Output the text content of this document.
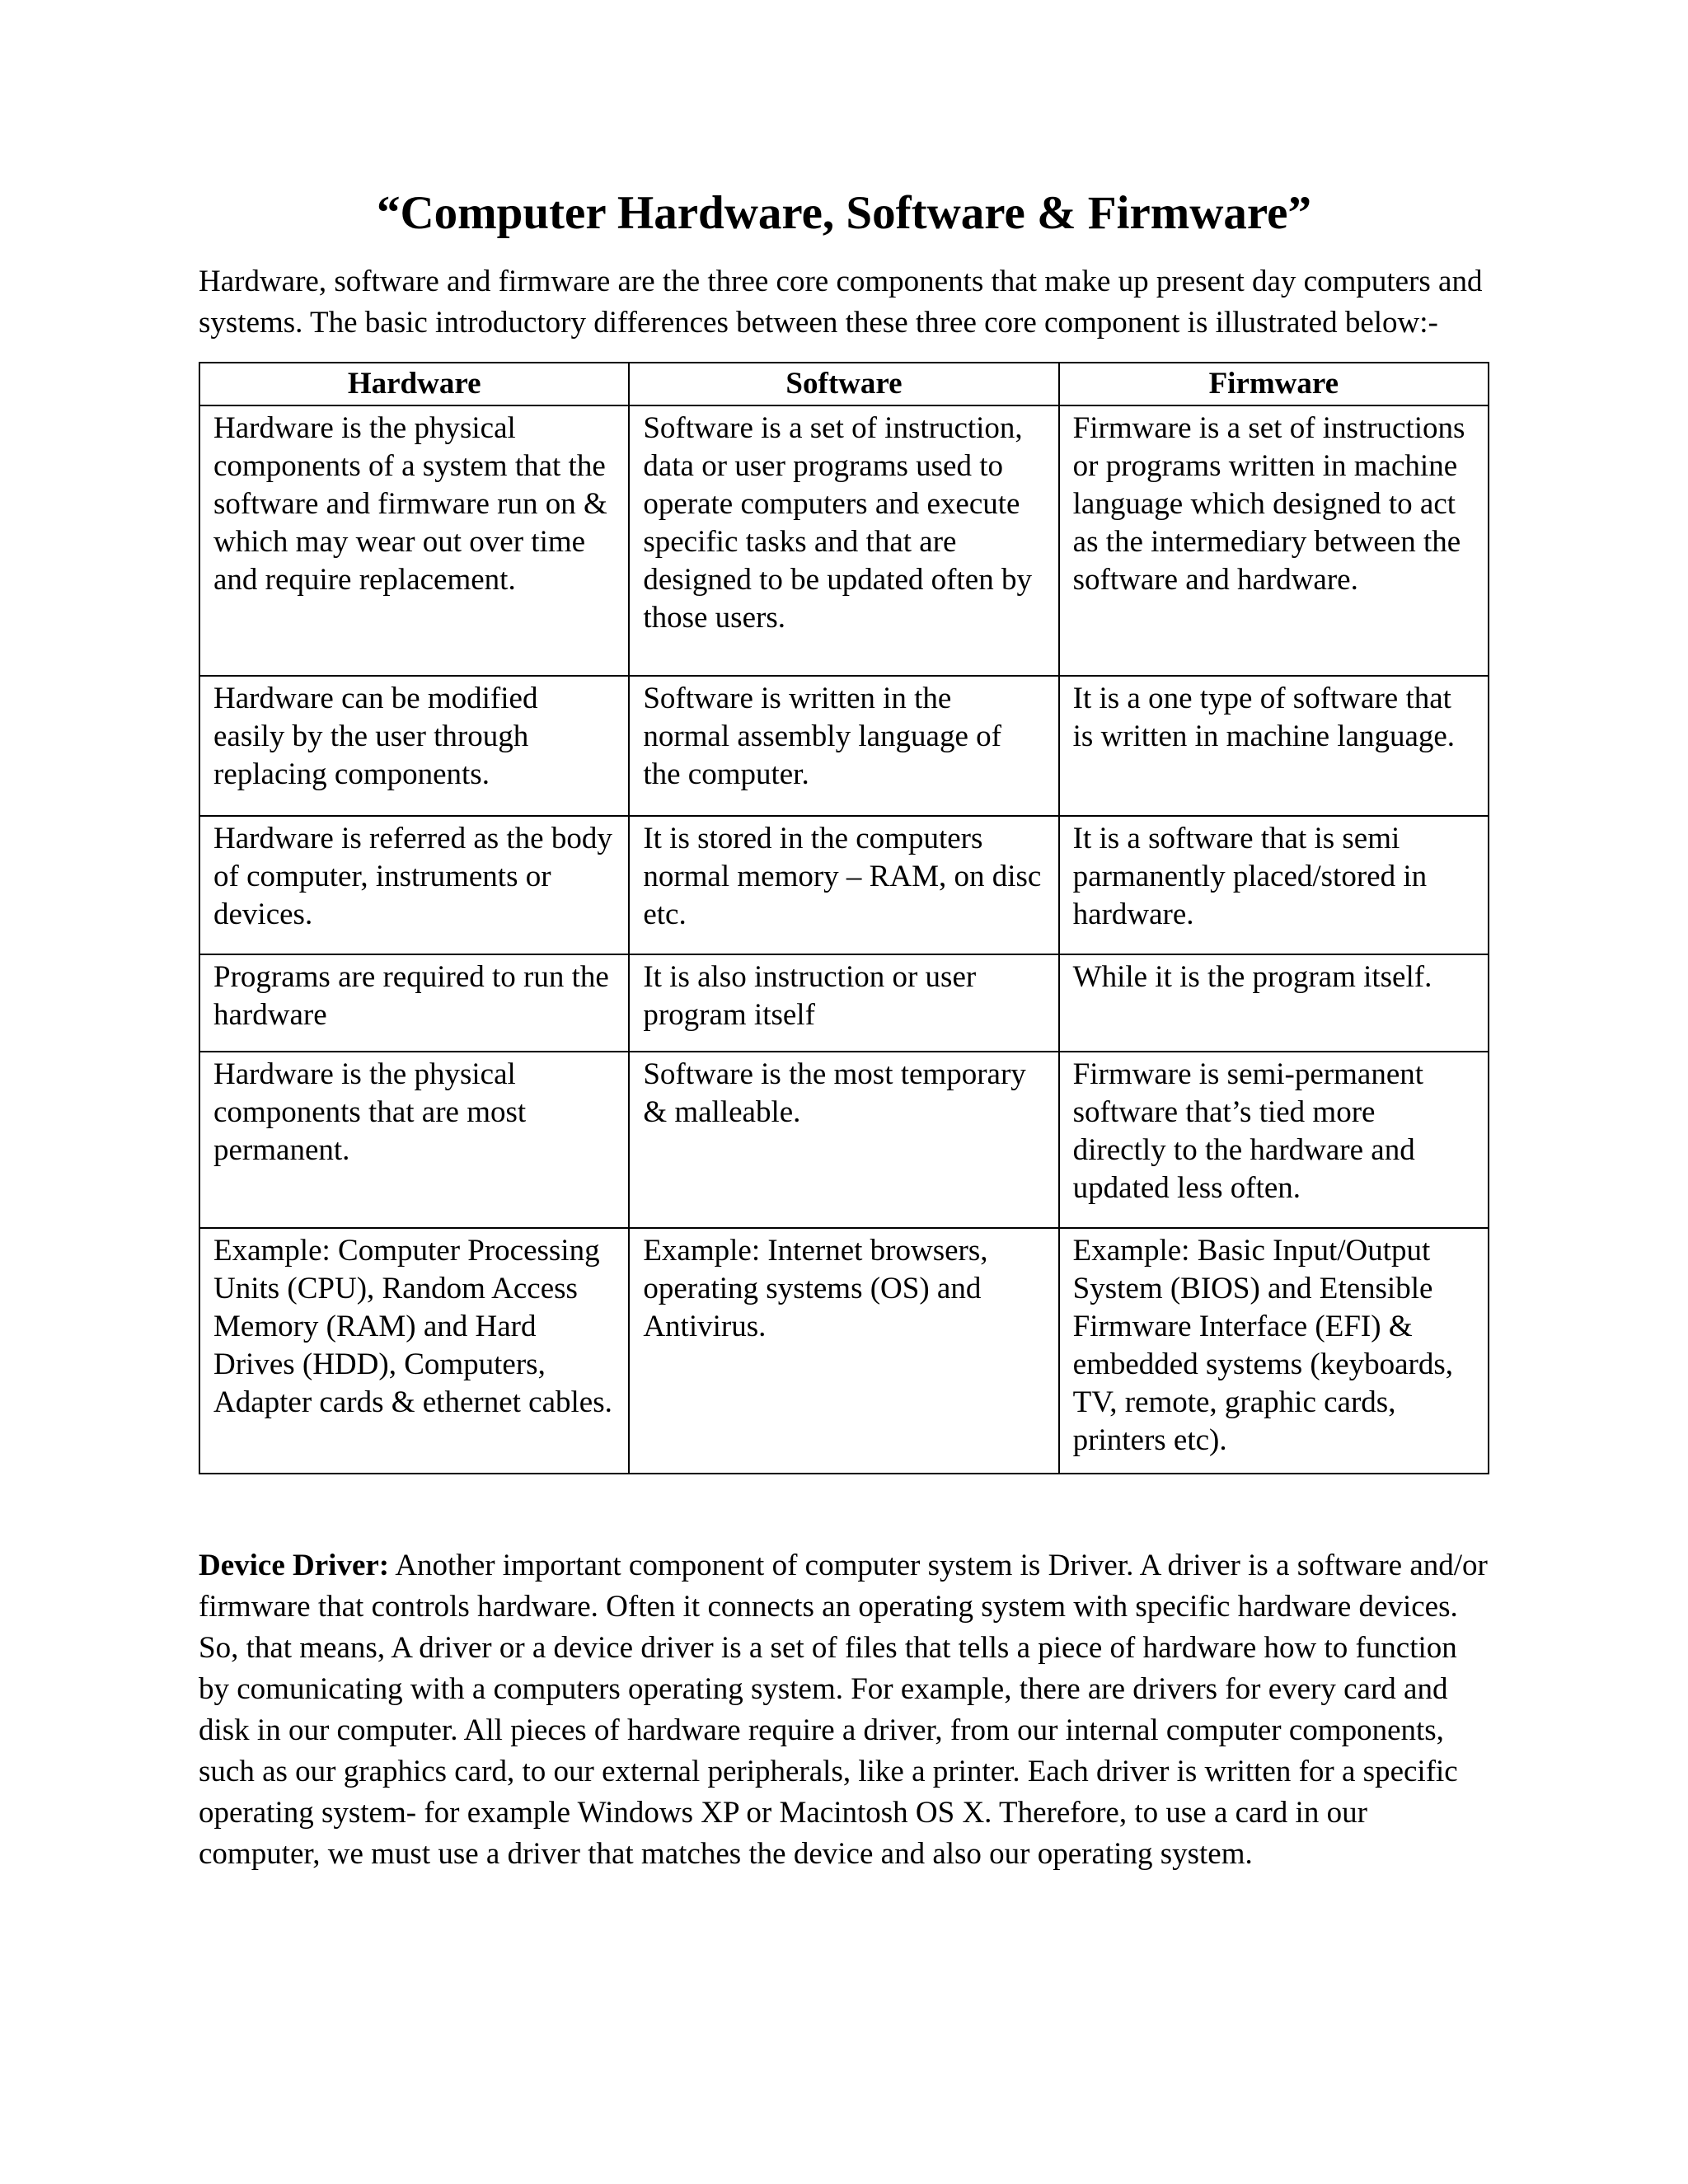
“Computer Hardware, Software & Firmware”

Hardware, software and firmware are the three core components that make up present day computers and systems. The basic introductory differences between these three core component is illustrated below:-

Hardware	Software	Firmware
Hardware is the physical components of a system that the software and firmware run on & which may wear out over time and require replacement.	Software is a set of instruction, data or user programs used to operate computers and execute specific tasks and that are designed to be updated often by those users.	Firmware is a set of instructions or programs written in machine language which designed to act as the intermediary between the software and hardware.
Hardware can be modified easily by the user through replacing components.	Software is written in the normal assembly language of the computer.	It is a one type of software that is written in machine language.
Hardware is referred as the body of computer, instruments or devices.	It is stored in the computers normal memory – RAM, on disc etc.	It is a software that is semi parmanently placed/stored in hardware.
Programs are required to run the hardware	It is also instruction or user program itself	While it is the program itself.
Hardware is the physical components that are most permanent.	Software is the most temporary & malleable.	Firmware is semi-permanent software that’s tied more directly to the hardware and updated less often.
Example: Computer Processing Units (CPU), Random Access Memory (RAM) and Hard Drives (HDD), Computers, Adapter cards & ethernet cables.	Example: Internet browsers, operating systems (OS) and Antivirus.	Example: Basic Input/Output System (BIOS) and Etensible Firmware Interface (EFI) & embedded systems (keyboards, TV, remote, graphic cards, printers etc).

Device Driver: Another important component of computer system is Driver. A driver is a software and/or firmware that controls hardware. Often it connects an operating system with specific hardware devices. So, that means, A driver or a device driver is a set of files that tells a piece of hardware how to function by comunicating with a computers operating system. For example, there are drivers for every card and disk in our computer. All pieces of hardware require a driver, from our internal computer components, such as our graphics card, to our external peripherals, like a printer. Each driver is written for a specific operating system- for example Windows XP or Macintosh OS X. Therefore, to use a card in our computer, we must use a driver that matches the device and also our operating system.
